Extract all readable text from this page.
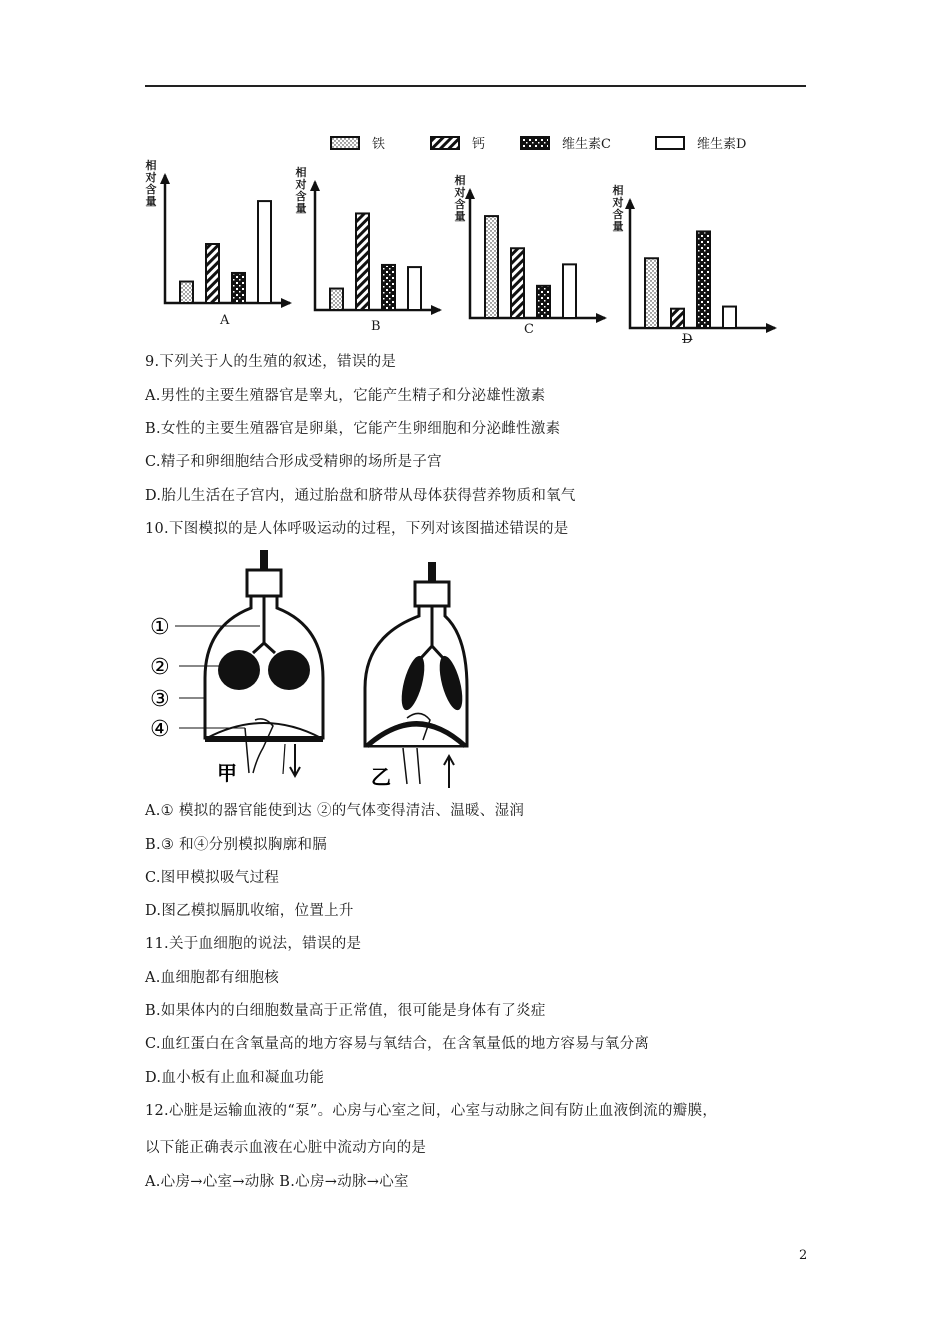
铁	钙	维生素C	维生素D
相对含量
A
相对含量
B
相对含量
C
相对含量
D
9.下列关于人的生殖的叙述，错误的是
A.男性的主要生殖器官是睾丸，它能产生精子和分泌雄性激素
B.女性的主要生殖器官是卵巢，它能产生卵细胞和分泌雌性激素
C.精子和卵细胞结合形成受精卵的场所是子宫
D.胎儿生活在子宫内，通过胎盘和脐带从母体获得营养物质和氧气
10.下图模拟的是人体呼吸运动的过程，下列对该图描述错误的是
①
②
③
④
甲	乙
A.① 模拟的器官能使到达 ②的气体变得清洁、温暖、湿润
B.③ 和④分别模拟胸廓和膈
C.图甲模拟吸气过程
D.图乙模拟膈肌收缩，位置上升
11.关于血细胞的说法，错误的是
A.血细胞都有细胞核
B.如果体内的白细胞数量高于正常值，很可能是身体有了炎症
C.血红蛋白在含氧量高的地方容易与氧结合，在含氧量低的地方容易与氧分离
D.血小板有止血和凝血功能
12.心脏是运输血液的“泵”。心房与心室之间，心室与动脉之间有防止血液倒流的瓣膜，
以下能正确表示血液在心脏中流动方向的是
A.心房→心室→动脉 B.心房→动脉→心室
2
